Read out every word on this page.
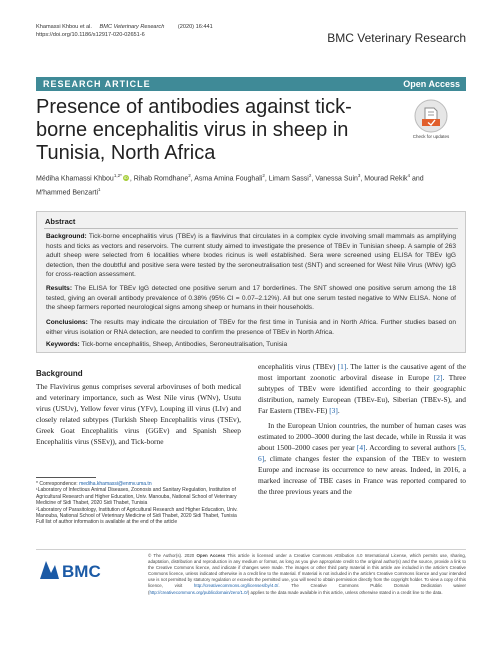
Khamassi Khbou et al. BMC Veterinary Research (2020) 16:441
https://doi.org/10.1186/s12917-020-02651-6	BMC Veterinary Research
RESEARCH ARTICLE	Open Access
Presence of antibodies against tick-borne encephalitis virus in sheep in Tunisia, North Africa
Check for updates
Médiha Khamassi Khbou$^{1,2*}$ iD , Rihab Romdhane$^2$, Asma Amina Foughali$^2$, Limam Sassi$^2$, Vanessa Suin$^3$, Mourad Rekik$^4$ and M'hammed Benzarti$^1$
Abstract
Background: Tick-borne encephalitis virus (TBEv) is a flavivirus that circulates in a complex cycle involving small mammals as amplifying hosts and ticks as vectors and reservoirs. The current study aimed to investigate the presence of TBEv in Tunisian sheep. A sample of 263 adult sheep were selected from 6 localities where Ixodes ricinus is well established. Sera were screened using ELISA for TBEv IgG detection, then the doubtful and positive sera were tested by the seroneutralisation test (SNT) and screened for West Nile Virus (WNv) IgG for cross-reaction assessment.
Results: The ELISA for TBEv IgG detected one positive serum and 17 borderlines. The SNT showed one positive serum among the 18 tested, giving an overall antibody prevalence of 0.38% (95% CI = 0.07–2.12%). All but one serum tested negative to WNv ELISA. None of the sheep farmers reported neurological signs among sheep or humans in their households.
Conclusions: The results may indicate the circulation of TBEv for the first time in Tunisia and in North Africa. Further studies based on either virus isolation or RNA detection, are needed to confirm the presence of TBEv in North Africa.
Keywords: Tick-borne encephalitis, Sheep, Antibodies, Seroneutralisation, Tunisia
Background
The Flavivirus genus comprises several arboviruses of both medical and veterinary importance, such as West Nile virus (WNv), Usutu virus (USUv), Yellow fever virus (YFv), Louping ill virus (LIv) and closely related subtypes (Turkish Sheep Encephalitis virus (TSEv), Greek Goat Encephalitis virus (GGEv) and Spanish Sheep Encephalitis virus (SSEv)), and Tick-borne
encephalitis virus (TBEv) [1]. The latter is the causative agent of the most important zoonotic arboviral disease in Europe [2]. Three subtypes of TBEv were identified according to their geographic distribution, namely European (TBEv-Eu), Siberian (TBEv-S), and Far Eastern (TBEv-FE) [3].
In the European Union countries, the number of human cases was estimated to 2000–3000 during the last decade, while in Russia it was about 1500–2000 cases per year [4]. According to several authors [5, 6], climate changes fester the expansion of the TBEv to western Europe and increase its occurrence to new areas. Indeed, in 2016, a marked increase of TBE cases in France was reported compared to the three previous years and the
* Correspondence: mediha.khamassi@enmv.uma.tn
¹Laboratory of Infectious Animal Diseases, Zoonosis and Sanitary Regulation, Institution of Agricultural Research and Higher Education, Univ. Manouba, National School of Veterinary Medicine of Sidi Thabet, 2020 Sidi Thabet, Tunisia
²Laboratory of Parasitology, Institution of Agricultural Research and Higher Education, Univ. Manouba, National School of Veterinary Medicine of Sidi Thabet, 2020 Sidi Thabet, Tunisia
Full list of author information is available at the end of the article
BMC
© The Author(s). 2020 Open Access This article is licensed under a Creative Commons Attribution 4.0 International License, which permits use, sharing, adaptation, distribution and reproduction in any medium or format, as long as you give appropriate credit to the original author(s) and the source, provide a link to the Creative Commons licence, and indicate if changes were made. The images or other third party material in this article are included in the article's Creative Commons licence, unless indicated otherwise in a credit line to the material. If material is not included in the article's Creative Commons licence and your intended use is not permitted by statutory regulation or exceeds the permitted use, you will need to obtain permission directly from the copyright holder. To view a copy of this licence, visit http://creativecommons.org/licenses/by/4.0/. The Creative Commons Public Domain Dedication waiver (http://creativecommons.org/publicdomain/zero/1.0/) applies to the data made available in this article, unless otherwise stated in a credit line to the data.
